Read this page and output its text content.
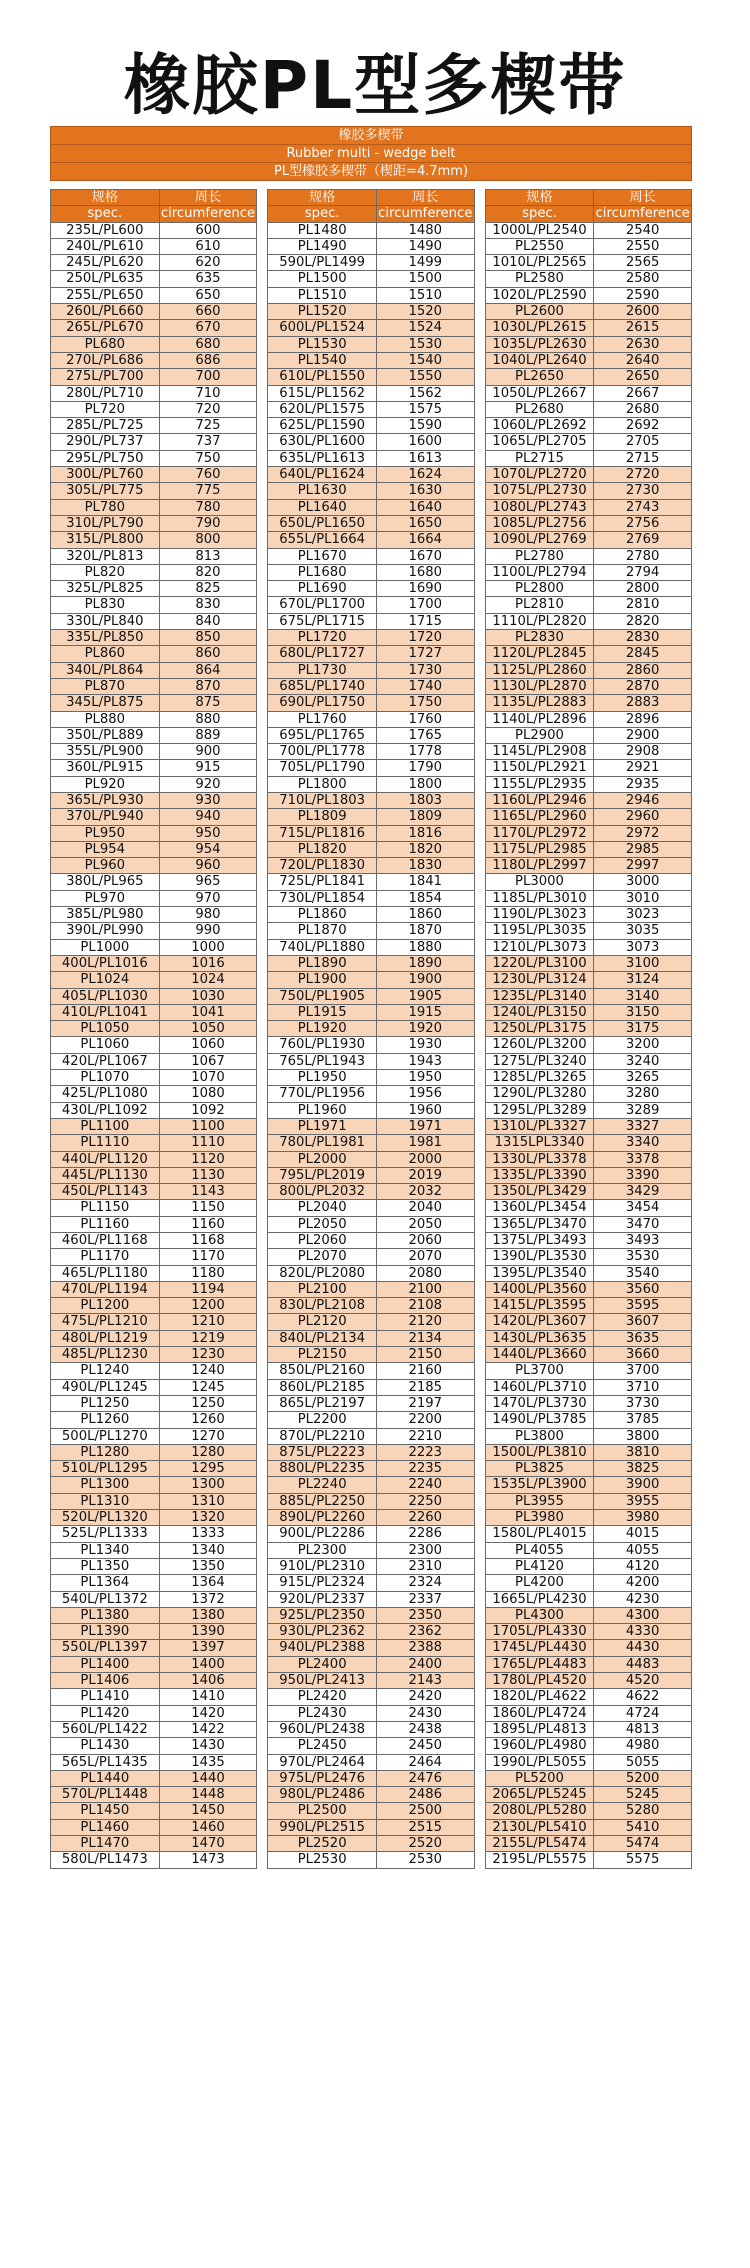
橡胶PL型多楔带
橡胶多楔带
Rubber multi - wedge belt
PL型橡胶多楔带（楔距=4.7mm)
规格	周长		规格	周长		规格	周长
spec.	circumference		spec.	circumference		spec.	circumference
235L/PL600	600		PL1480	1480		1000L/PL2540	2540
240L/PL610	610		PL1490	1490		PL2550	2550
245L/PL620	620		590L/PL1499	1499		1010L/PL2565	2565
250L/PL635	635		PL1500	1500		PL2580	2580
255L/PL650	650		PL1510	1510		1020L/PL2590	2590
260L/PL660	660		PL1520	1520		PL2600	2600
265L/PL670	670		600L/PL1524	1524		1030L/PL2615	2615
PL680	680		PL1530	1530		1035L/PL2630	2630
270L/PL686	686		PL1540	1540		1040L/PL2640	2640
275L/PL700	700		610L/PL1550	1550		PL2650	2650
280L/PL710	710		615L/PL1562	1562		1050L/PL2667	2667
PL720	720		620L/PL1575	1575		PL2680	2680
285L/PL725	725		625L/PL1590	1590		1060L/PL2692	2692
290L/PL737	737		630L/PL1600	1600		1065L/PL2705	2705
295L/PL750	750		635L/PL1613	1613		PL2715	2715
300L/PL760	760		640L/PL1624	1624		1070L/PL2720	2720
305L/PL775	775		PL1630	1630		1075L/PL2730	2730
PL780	780		PL1640	1640		1080L/PL2743	2743
310L/PL790	790		650L/PL1650	1650		1085L/PL2756	2756
315L/PL800	800		655L/PL1664	1664		1090L/PL2769	2769
320L/PL813	813		PL1670	1670		PL2780	2780
PL820	820		PL1680	1680		1100L/PL2794	2794
325L/PL825	825		PL1690	1690		PL2800	2800
PL830	830		670L/PL1700	1700		PL2810	2810
330L/PL840	840		675L/PL1715	1715		1110L/PL2820	2820
335L/PL850	850		PL1720	1720		PL2830	2830
PL860	860		680L/PL1727	1727		1120L/PL2845	2845
340L/PL864	864		PL1730	1730		1125L/PL2860	2860
PL870	870		685L/PL1740	1740		1130L/PL2870	2870
345L/PL875	875		690L/PL1750	1750		1135L/PL2883	2883
PL880	880		PL1760	1760		1140L/PL2896	2896
350L/PL889	889		695L/PL1765	1765		PL2900	2900
355L/PL900	900		700L/PL1778	1778		1145L/PL2908	2908
360L/PL915	915		705L/PL1790	1790		1150L/PL2921	2921
PL920	920		PL1800	1800		1155L/PL2935	2935
365L/PL930	930		710L/PL1803	1803		1160L/PL2946	2946
370L/PL940	940		PL1809	1809		1165L/PL2960	2960
PL950	950		715L/PL1816	1816		1170L/PL2972	2972
PL954	954		PL1820	1820		1175L/PL2985	2985
PL960	960		720L/PL1830	1830		1180L/PL2997	2997
380L/PL965	965		725L/PL1841	1841		PL3000	3000
PL970	970		730L/PL1854	1854		1185L/PL3010	3010
385L/PL980	980		PL1860	1860		1190L/PL3023	3023
390L/PL990	990		PL1870	1870		1195L/PL3035	3035
PL1000	1000		740L/PL1880	1880		1210L/PL3073	3073
400L/PL1016	1016		PL1890	1890		1220L/PL3100	3100
PL1024	1024		PL1900	1900		1230L/PL3124	3124
405L/PL1030	1030		750L/PL1905	1905		1235L/PL3140	3140
410L/PL1041	1041		PL1915	1915		1240L/PL3150	3150
PL1050	1050		PL1920	1920		1250L/PL3175	3175
PL1060	1060		760L/PL1930	1930		1260L/PL3200	3200
420L/PL1067	1067		765L/PL1943	1943		1275L/PL3240	3240
PL1070	1070		PL1950	1950		1285L/PL3265	3265
425L/PL1080	1080		770L/PL1956	1956		1290L/PL3280	3280
430L/PL1092	1092		PL1960	1960		1295L/PL3289	3289
PL1100	1100		PL1971	1971		1310L/PL3327	3327
PL1110	1110		780L/PL1981	1981		1315LPL3340	3340
440L/PL1120	1120		PL2000	2000		1330L/PL3378	3378
445L/PL1130	1130		795L/PL2019	2019		1335L/PL3390	3390
450L/PL1143	1143		800L/PL2032	2032		1350L/PL3429	3429
PL1150	1150		PL2040	2040		1360L/PL3454	3454
PL1160	1160		PL2050	2050		1365L/PL3470	3470
460L/PL1168	1168		PL2060	2060		1375L/PL3493	3493
PL1170	1170		PL2070	2070		1390L/PL3530	3530
465L/PL1180	1180		820L/PL2080	2080		1395L/PL3540	3540
470L/PL1194	1194		PL2100	2100		1400L/PL3560	3560
PL1200	1200		830L/PL2108	2108		1415L/PL3595	3595
475L/PL1210	1210		PL2120	2120		1420L/PL3607	3607
480L/PL1219	1219		840L/PL2134	2134		1430L/PL3635	3635
485L/PL1230	1230		PL2150	2150		1440L/PL3660	3660
PL1240	1240		850L/PL2160	2160		PL3700	3700
490L/PL1245	1245		860L/PL2185	2185		1460L/PL3710	3710
PL1250	1250		865L/PL2197	2197		1470L/PL3730	3730
PL1260	1260		PL2200	2200		1490L/PL3785	3785
500L/PL1270	1270		870L/PL2210	2210		PL3800	3800
PL1280	1280		875L/PL2223	2223		1500L/PL3810	3810
510L/PL1295	1295		880L/PL2235	2235		PL3825	3825
PL1300	1300		PL2240	2240		1535L/PL3900	3900
PL1310	1310		885L/PL2250	2250		PL3955	3955
520L/PL1320	1320		890L/PL2260	2260		PL3980	3980
525L/PL1333	1333		900L/PL2286	2286		1580L/PL4015	4015
PL1340	1340		PL2300	2300		PL4055	4055
PL1350	1350		910L/PL2310	2310		PL4120	4120
PL1364	1364		915L/PL2324	2324		PL4200	4200
540L/PL1372	1372		920L/PL2337	2337		1665L/PL4230	4230
PL1380	1380		925L/PL2350	2350		PL4300	4300
PL1390	1390		930L/PL2362	2362		1705L/PL4330	4330
550L/PL1397	1397		940L/PL2388	2388		1745L/PL4430	4430
PL1400	1400		PL2400	2400		1765L/PL4483	4483
PL1406	1406		950L/PL2413	2143		1780L/PL4520	4520
PL1410	1410		PL2420	2420		1820L/PL4622	4622
PL1420	1420		PL2430	2430		1860L/PL4724	4724
560L/PL1422	1422		960L/PL2438	2438		1895L/PL4813	4813
PL1430	1430		PL2450	2450		1960L/PL4980	4980
565L/PL1435	1435		970L/PL2464	2464		1990L/PL5055	5055
PL1440	1440		975L/PL2476	2476		PL5200	5200
570L/PL1448	1448		980L/PL2486	2486		2065L/PL5245	5245
PL1450	1450		PL2500	2500		2080L/PL5280	5280
PL1460	1460		990L/PL2515	2515		2130L/PL5410	5410
PL1470	1470		PL2520	2520		2155L/PL5474	5474
580L/PL1473	1473		PL2530	2530		2195L/PL5575	5575
